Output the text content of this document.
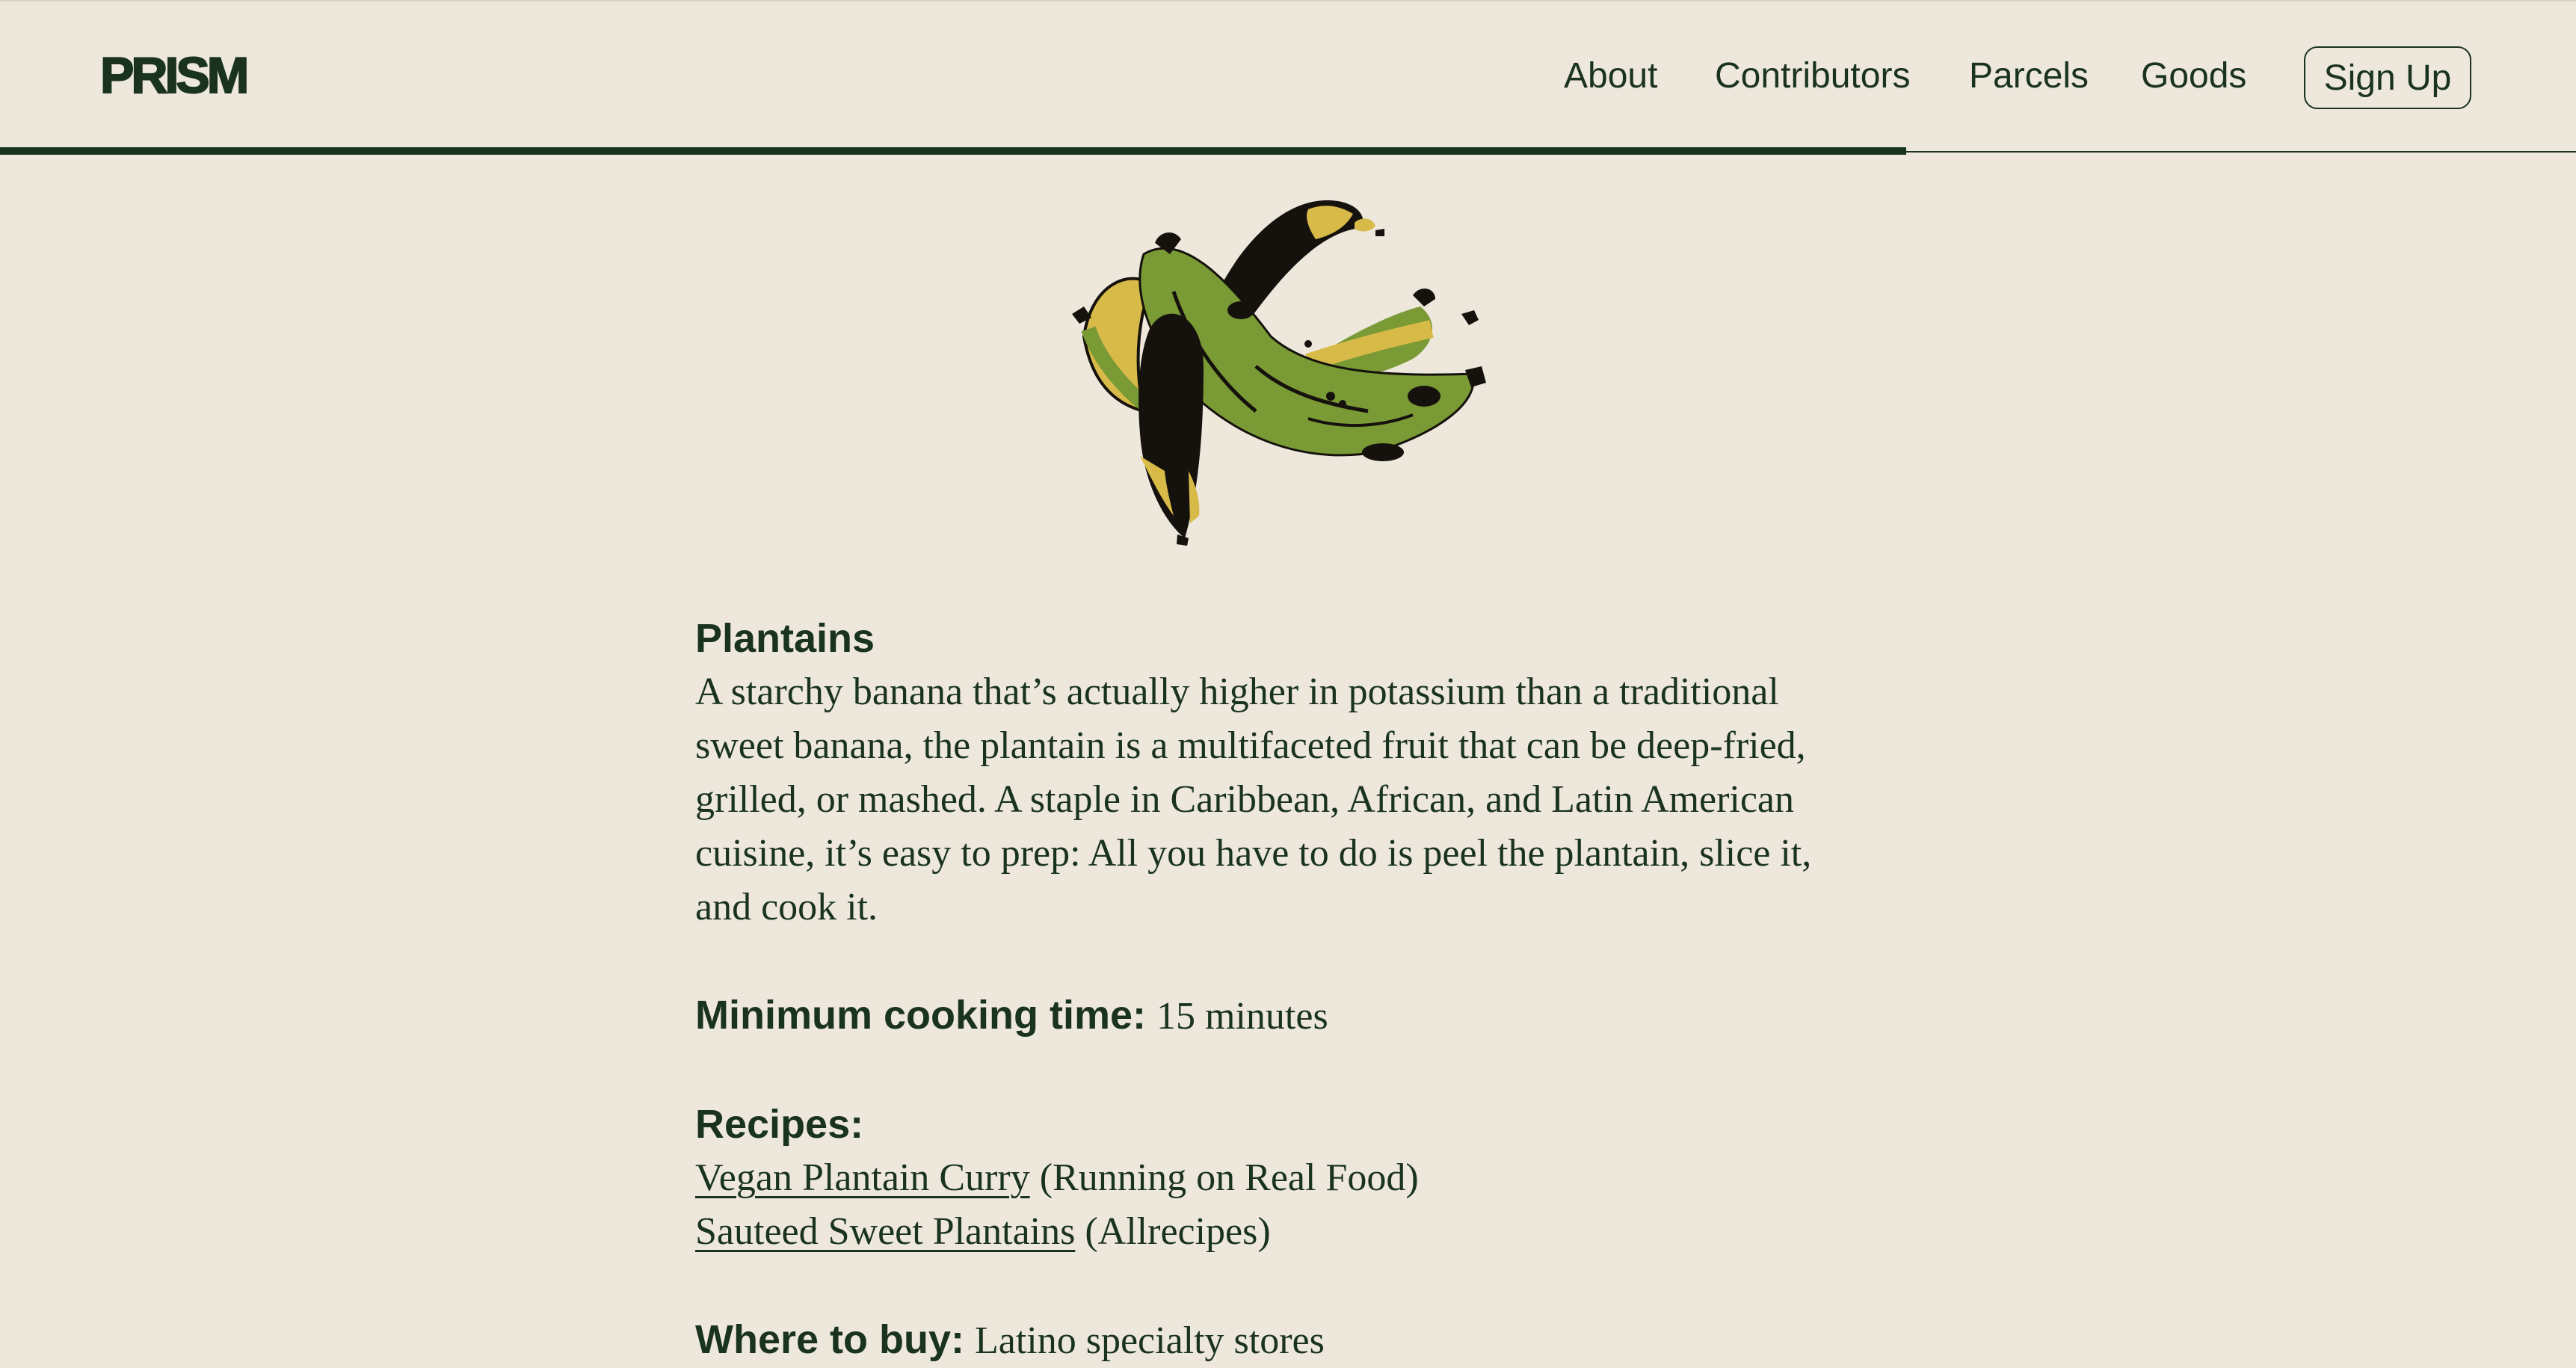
PRISM	About Contributors Parcels Goods	Sign Up
Plantains

A starchy banana that’s actually higher in potassium than a traditional sweet banana, the plantain is a multifaceted fruit that can be deep-fried, grilled, or mashed. A staple in Caribbean, African, and Latin American cuisine, it’s easy to prep: All you have to do is peel the plantain, slice it, and cook it.

Minimum cooking time: 15 minutes
Recipes:
Vegan Plantain Curry (Running on Real Food)
Sauteed Sweet Plantains (Allrecipes)
Where to buy: Latino specialty stores
